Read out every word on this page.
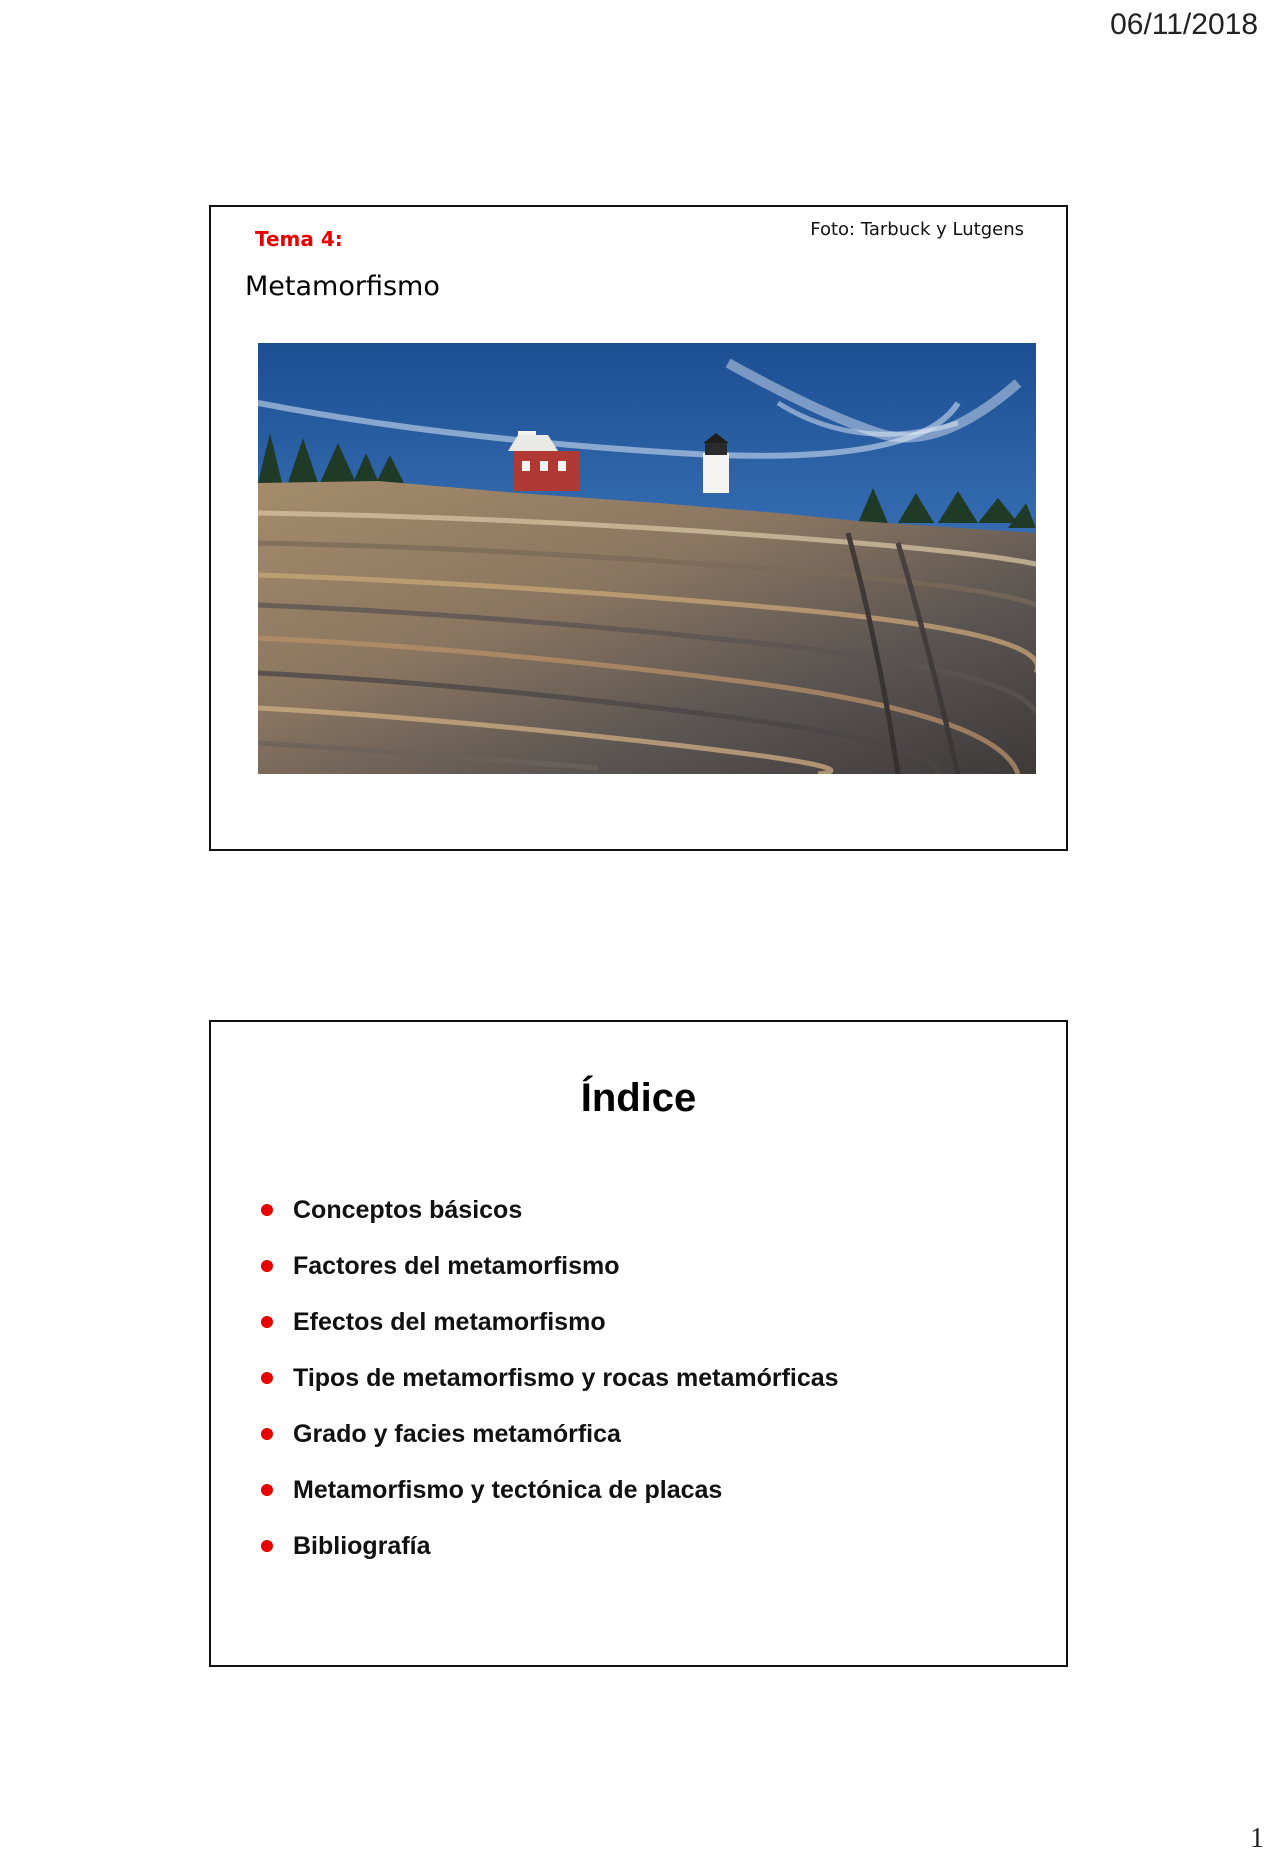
06/11/2018
Tema 4:	Foto: Tarbuck y Lutgens
Metamorfismo
Índice
Conceptos básicos
Factores del metamorfismo
Efectos del metamorfismo
Tipos de metamorfismo y rocas metamórficas
Grado y facies metamórfica
Metamorfismo y tectónica de placas
Bibliografía
1
